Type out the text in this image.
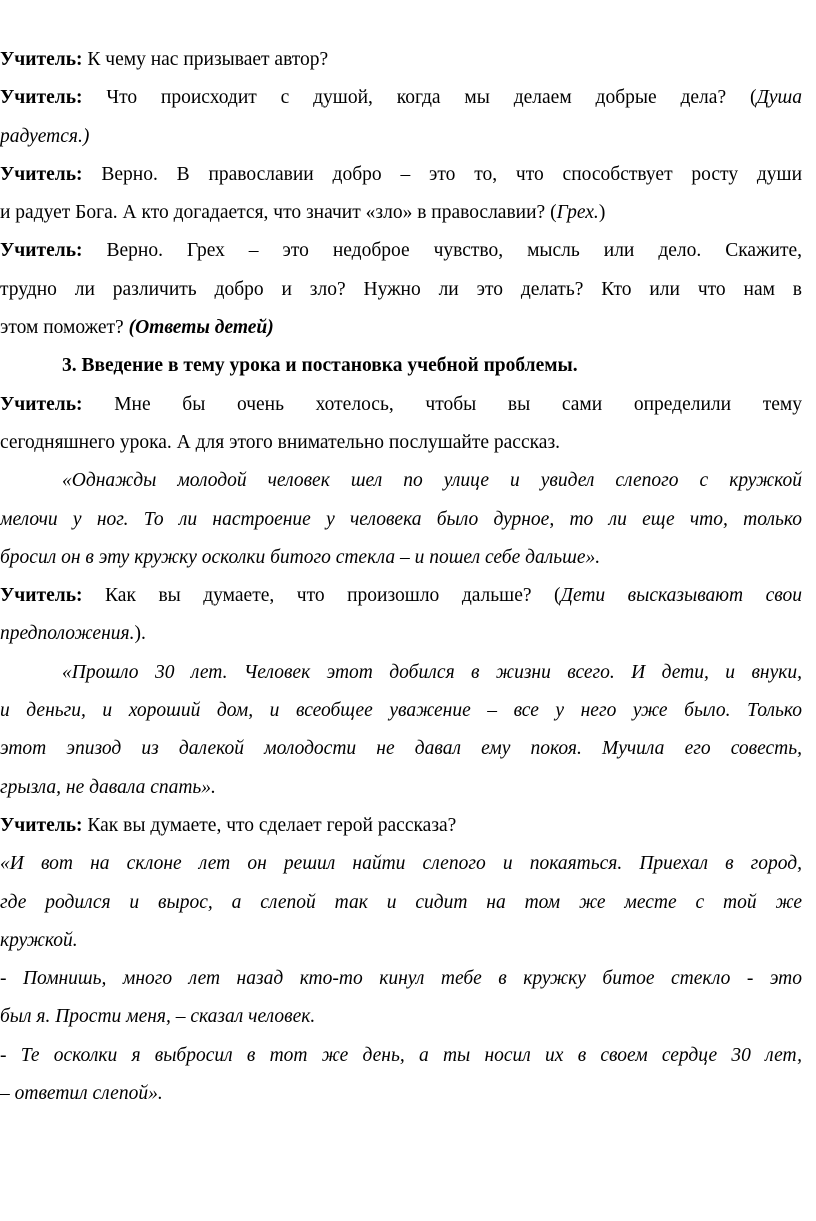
Учитель: К чему нас призывает автор?

Учитель: Что происходит с душой, когда мы делаем добрые дела? (Душа

радуется.)

Учитель: Верно. В православии добро – это то, что способствует росту души

и радует Бога. А кто догадается, что значит «зло» в православии? (Грех.)

Учитель: Верно. Грех – это недоброе чувство, мысль или дело. Скажите,

трудно ли различить добро и зло? Нужно ли это делать? Кто или что нам в

этом поможет? (Ответы детей)

3. Введение в тему урока и постановка учебной проблемы.

Учитель: Мне бы очень хотелось, чтобы вы сами определили тему

сегодняшнего урока. А для этого внимательно послушайте рассказ.

«Однажды молодой человек шел по улице и увидел слепого с кружкой

мелочи у ног. То ли настроение у человека было дурное, то ли еще что, только

бросил он в эту кружку осколки битого стекла – и пошел себе дальше».

Учитель: Как вы думаете, что произошло дальше? (Дети высказывают свои

предположения.).

«Прошло 30 лет. Человек этот добился в жизни всего. И дети, и внуки,

и деньги, и хороший дом, и всеобщее уважение – все у него уже было. Только

этот эпизод из далекой молодости не давал ему покоя. Мучила его совесть,

грызла, не давала спать».

Учитель: Как вы думаете, что сделает герой рассказа?

«И вот на склоне лет он решил найти слепого и покаяться. Приехал в город,

где родился и вырос, а слепой так и сидит на том же месте с той же

кружкой.

- Помнишь, много лет назад кто-то кинул тебе в кружку битое стекло - это

был я. Прости меня, – сказал человек.

- Те осколки я выбросил в тот же день, а ты носил их в своем сердце 30 лет,

– ответил слепой».
